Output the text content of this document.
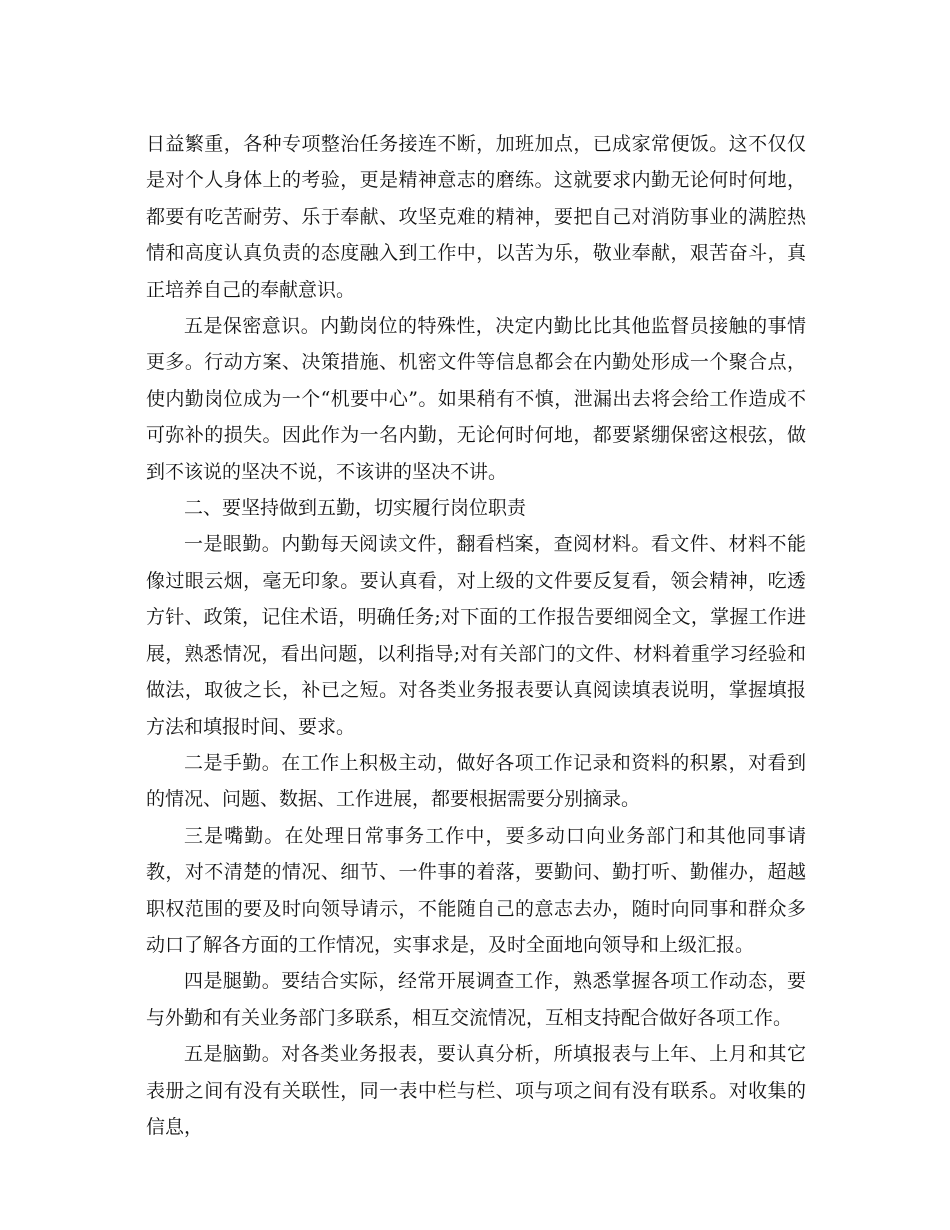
日益繁重，各种专项整治任务接连不断，加班加点，已成家常便饭。这不仅仅是对个人身体上的考验，更是精神意志的磨练。这就要求内勤无论何时何地，都要有吃苦耐劳、乐于奉献、攻坚克难的精神，要把自己对消防事业的满腔热情和高度认真负责的态度融入到工作中，以苦为乐，敬业奉献，艰苦奋斗，真正培养自己的奉献意识。

五是保密意识。内勤岗位的特殊性，决定内勤比比其他监督员接触的事情更多。行动方案、决策措施、机密文件等信息都会在内勤处形成一个聚合点，使内勤岗位成为一个“机要中心”。如果稍有不慎，泄漏出去将会给工作造成不可弥补的损失。因此作为一名内勤，无论何时何地，都要紧绷保密这根弦，做到不该说的坚决不说，不该讲的坚决不讲。

二、要坚持做到五勤，切实履行岗位职责

一是眼勤。内勤每天阅读文件，翻看档案，查阅材料。看文件、材料不能像过眼云烟，毫无印象。要认真看，对上级的文件要反复看，领会精神，吃透方针、政策，记住术语，明确任务;对下面的工作报告要细阅全文，掌握工作进展，熟悉情况，看出问题，以利指导;对有关部门的文件、材料着重学习经验和做法，取彼之长，补已之短。对各类业务报表要认真阅读填表说明，掌握填报方法和填报时间、要求。

二是手勤。在工作上积极主动，做好各项工作记录和资料的积累，对看到的情况、问题、数据、工作进展，都要根据需要分别摘录。

三是嘴勤。在处理日常事务工作中，要多动口向业务部门和其他同事请教，对不清楚的情况、细节、一件事的着落，要勤问、勤打听、勤催办，超越职权范围的要及时向领导请示，不能随自己的意志去办，随时向同事和群众多动口了解各方面的工作情况，实事求是，及时全面地向领导和上级汇报。

四是腿勤。要结合实际，经常开展调查工作，熟悉掌握各项工作动态，要与外勤和有关业务部门多联系，相互交流情况，互相支持配合做好各项工作。

五是脑勤。对各类业务报表，要认真分析，所填报表与上年、上月和其它表册之间有没有关联性，同一表中栏与栏、项与项之间有没有联系。对收集的信息，
